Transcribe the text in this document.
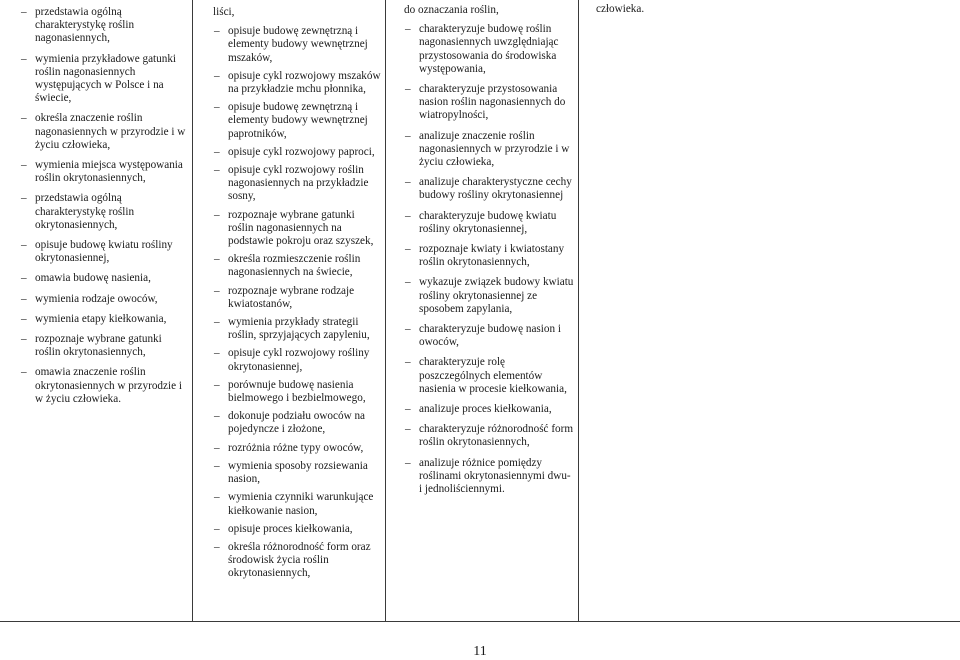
– przedstawia ogólną charakterystykę roślin nagonasiennych,
– wymienia przykładowe gatunki roślin nagonasiennych występujących w Polsce i na świecie,
– określa znaczenie roślin nagonasiennych w przyrodzie i w życiu człowieka,
– wymienia miejsca występowania roślin okrytonasiennych,
– przedstawia ogólną charakterystykę roślin okrytonasiennych,
– opisuje budowę kwiatu rośliny okrytonasiennej,
– omawia budowę nasienia,
– wymienia rodzaje owoców,
– wymienia etapy kiełkowania,
– rozpoznaje wybrane gatunki roślin okrytonasiennych,
– omawia znaczenie roślin okrytonasiennych w przyrodzie i w życiu człowieka.
liści,
– opisuje budowę zewnętrzną i elementy budowy wewnętrznej mszaków,
– opisuje cykl rozwojowy mszaków na przykładzie mchu płonnika,
– opisuje budowę zewnętrzną i elementy budowy wewnętrznej paprotników,
– opisuje cykl rozwojowy paproci,
– opisuje cykl rozwojowy roślin nagonasiennych na przykładzie sosny,
– rozpoznaje wybrane gatunki roślin nagonasiennych na podstawie pokroju oraz szyszek,
– określa rozmieszczenie roślin nagonasiennych na świecie,
– rozpoznaje wybrane rodzaje kwiatostanów,
– wymienia przykłady strategii roślin, sprzyjających zapyleniu,
– opisuje cykl rozwojowy rośliny okrytonasiennej,
– porównuje budowę nasienia bielmowego i bezbielmowego,
– dokonuje podziału owoców na pojedyncze i złożone,
– rozróżnia różne typy owoców,
– wymienia sposoby rozsiewania nasion,
– wymienia czynniki warunkujące kiełkowanie nasion,
– opisuje proces kiełkowania,
– określa różnorodność form oraz środowisk życia roślin okrytonasiennych,
do oznaczania roślin,
– charakteryzuje budowę roślin nagonasiennych uwzględniając przystosowania do środowiska występowania,
– charakteryzuje przystosowania nasion roślin nagonasiennych do wiatropylności,
– analizuje znaczenie roślin nagonasiennych w przyrodzie i w życiu człowieka,
– analizuje charakterystyczne cechy budowy rośliny okrytonasiennej
– charakteryzuje budowę kwiatu rośliny okrytonasiennej,
– rozpoznaje kwiaty i kwiatostany roślin okrytonasiennych,
– wykazuje związek budowy kwiatu rośliny okrytonasiennej ze sposobem zapylania,
– charakteryzuje budowę nasion i owoców,
– charakteryzuje rolę poszczególnych elementów nasienia w procesie kiełkowania,
– analizuje proces kiełkowania,
– charakteryzuje różnorodność form roślin okrytonasiennych,
– analizuje różnice pomiędzy roślinami okrytonasiennymi dwu- i jednoliściennymi.
człowieka.
11
